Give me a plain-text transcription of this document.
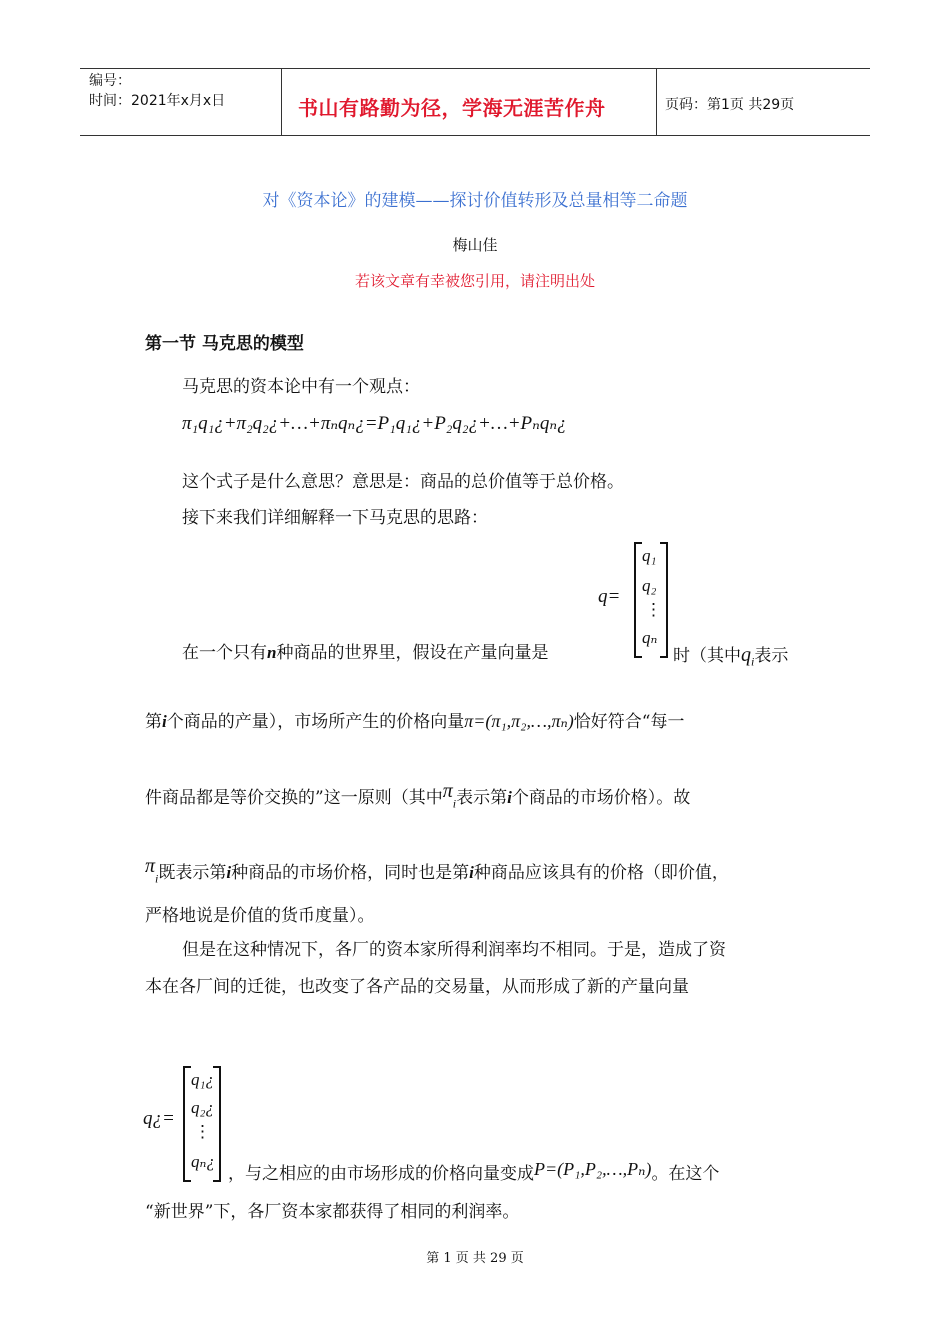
编号：
时间：2021年x月x日	书山有路勤为径，学海无涯苦作舟	页码：第1页 共29页
对《资本论》的建模——探讨价值转形及总量相等二命题
梅山佳
若该文章有幸被您引用，请注明出处
第一节 马克思的模型
马克思的资本论中有一个观点：
π₁q₁¿+π₂q₂¿+…+πₙqₙ¿=P₁q₁¿+P₂q₂¿+…+Pₙqₙ¿
这个式子是什么意思？意思是：商品的总价值等于总价格。
接下来我们详细解释一下马克思的思路：
q=
q₁
q₂
⋮
qₙ
在一个只有n种商品的世界里，假设在产量向量是	时（其中$q_i$表示
第i个商品的产量），市场所产生的价格向量π=(π₁,π₂,…,πₙ)恰好符合“每一
件商品都是等价交换的”这一原则（其中$\pi_i$表示第i个商品的市场价格）。故
$\pi_i$既表示第i种商品的市场价格，同时也是第i种商品应该具有的价格（即价值，
严格地说是价值的货币度量）。
但是在这种情况下，各厂的资本家所得利润率均不相同。于是，造成了资
本在各厂间的迁徙，也改变了各产品的交易量，从而形成了新的产量向量
q¿=
q₁¿
q₂¿
⋮
qₙ¿
，与之相应的由市场形成的价格向量变成P=(P₁,P₂,…,Pₙ)。在这个
“新世界”下，各厂资本家都获得了相同的利润率。
第 1 页 共 29 页
